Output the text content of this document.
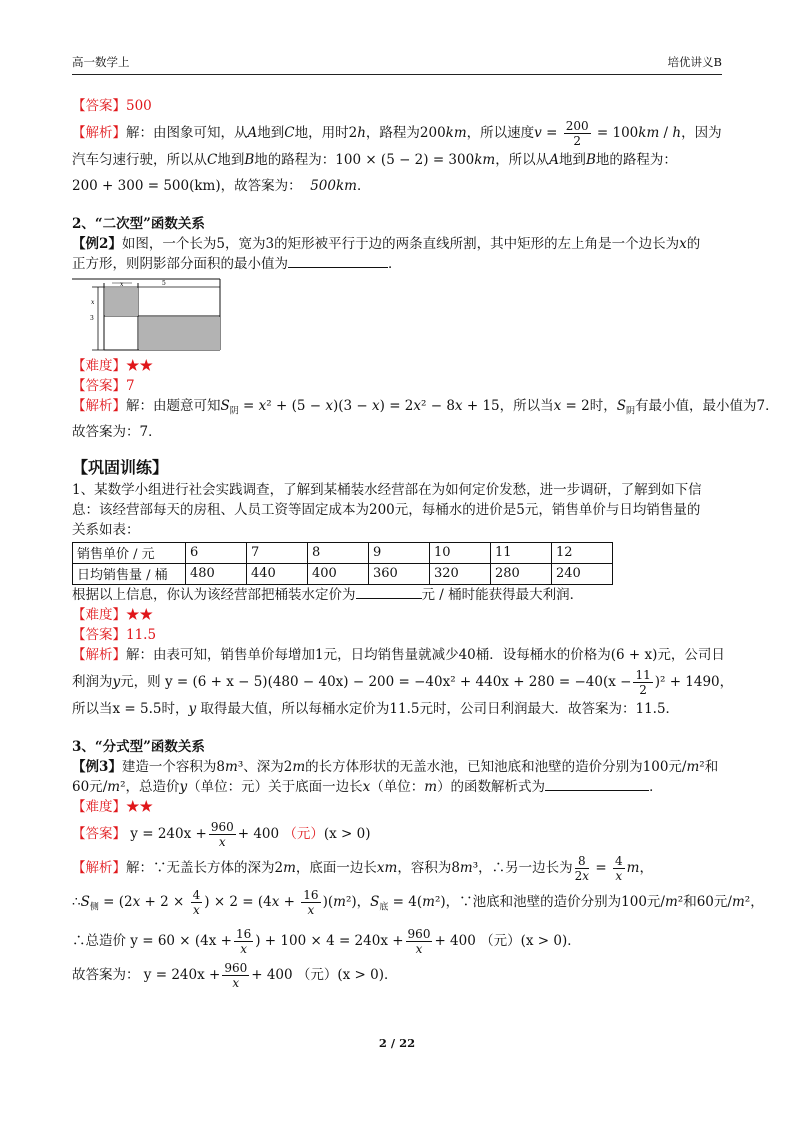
高一数学上	培优讲义B
【答案】500
【解析】解：由图象可知，从A地到C地，用时2h，路程为200km，所以速度$v = \frac{200}{2} = 100km / h$，因为
汽车匀速行驶，所以从C地到B地的路程为：100 × (5 − 2) = 300km，所以从A地到B地的路程为：
200 + 300 = 500(km)，故答案为： 500km．
2、“二次型”函数关系
【例2】如图，一个长为5，宽为3的矩形被平行于边的两条直线所割，其中矩形的左上角是一个边长为x的
正方形，则阴影部分面积的最小值为	．
x	5
x
3
【难度】★★
【答案】7
【解析】解：由题意可知$S_阴 = x^2 + (5 - x)(3 - x) = 2x^2 - 8x + 15$，所以当x = 2时，$S_阴$有最小值，最小值为7．
故答案为：7．
【巩固训练】
1、某数学小组进行社会实践调查，了解到某桶装水经营部在为如何定价发愁，进一步调研，了解到如下信
息：该经营部每天的房租、人员工资等固定成本为200元，每桶水的进价是5元，销售单价与日均销售量的
关系如表：
销售单价 / 元	6	7	8	9	10	11	12
日均销售量 / 桶	480	440	400	360	320	280	240
根据以上信息，你认为该经营部把桶装水定价为	元 / 桶时能获得最大利润．
【难度】★★
【答案】11.5
【解析】解：由表可知，销售单价每增加1元，日均销售量就减少40桶．设每桶水的价格为(6 + x)元，公司日
利润为y元，则 $y = (6 + x - 5)(480 - 40x) - 200 = -40x^2 + 440x + 280 = -40(x - \frac{11}{2} )^2 + 1490$，
所以当x = 5.5时，y 取得最大值，所以每桶水定价为11.5元时，公司日利润最大．故答案为：11.5．
3、“分式型”函数关系
【例3】建造一个容积为8m³、深为2m的长方体形状的无盖水池，已知池底和池壁的造价分别为100元/m²和
60元/m²，总造价y（单位：元）关于底面一边长x（单位：m）的函数解析式为	．
【难度】★★
【答案】 $y = 240x + \frac{960}{x} + 400$ （元）(x > 0)
【解析】解：∵无盖长方体的深为2m，底面一边长xm，容积为8m³，∴另一边长为 $\frac{8}{2x} = \frac{4}{x}$ m，
$\therefore S_侧 = (2x + 2 \times \frac{4}{x}$ ) × $2 = (4x + \frac{16}{x} )(m^2)$，$S_底 = 4(m^2)$，∵池底和池壁的造价分别为100元/m²和60元/m²，
∴总造价 $y = 60 \times (4x + \frac{16}{x}$ ) + $100 \times 4 = 240x + \frac{960}{x} + 400$ （元）(x > 0)．
故答案为： $y = 240x + \frac{960}{x} + 400$ （元）(x > 0)．
2 / 22
